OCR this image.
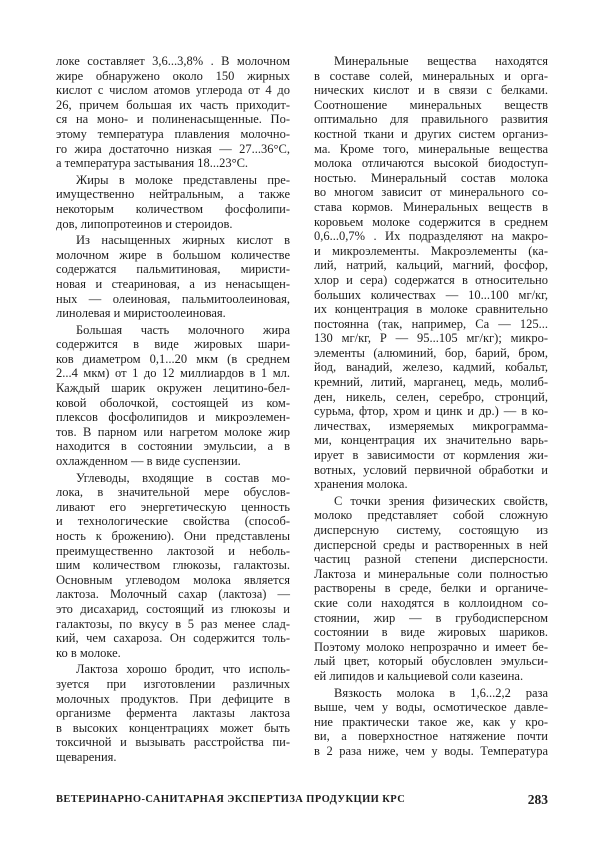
локе составляет 3,6...3,8% . В молочном
жире обнаружено около 150 жирных
кислот с числом атомов углерода от 4 до
26, причем большая их часть приходит-
ся на моно- и полиненасыщенные. По-
этому температура плавления молочно-
го жира достаточно низкая — 27...36°С,
а температура застывания 18...23°С.
Жиры в молоке представлены пре-
имущественно нейтральным, а также
некоторым количеством фосфолипи-
дов, липопротеинов и стероидов.
Из насыщенных жирных кислот в
молочном жире в большом количестве
содержатся пальмитиновая, миристи-
новая и стеариновая, а из ненасыщен-
ных — олеиновая, пальмитоолеиновая,
линолевая и миристоолеиновая.
Большая часть молочного жира
содержится в виде жировых шари-
ков диаметром 0,1...20 мкм (в среднем
2...4 мкм) от 1 до 12 миллиардов в 1 мл.
Каждый шарик окружен лецитино-бел-
ковой оболочкой, состоящей из ком-
плексов фосфолипидов и микроэлемен-
тов. В парном или нагретом молоке жир
находится в состоянии эмульсии, а в
охлажденном — в виде суспензии.
Углеводы, входящие в состав мо-
лока, в значительной мере обуслов-
ливают его энергетическую ценность
и технологические свойства (способ-
ность к брожению). Они представлены
преимущественно лактозой и неболь-
шим количеством глюкозы, галактозы.
Основным углеводом молока является
лактоза. Молочный сахар (лактоза) —
это дисахарид, состоящий из глюкозы и
галактозы, по вкусу в 5 раз менее слад-
кий, чем сахароза. Он содержится толь-
ко в молоке.
Лактоза хорошо бродит, что исполь-
зуется при изготовлении различных
молочных продуктов. При дефиците в
организме фермента лактазы лактоза
в высоких концентрациях может быть
токсичной и вызывать расстройства пи-
щеварения.
Минеральные вещества находятся
в составе солей, минеральных и орга-
нических кислот и в связи с белками.
Соотношение минеральных веществ
оптимально для правильного развития
костной ткани и других систем организ-
ма. Кроме того, минеральные вещества
молока отличаются высокой биодоступ-
ностью. Минеральный состав молока
во многом зависит от минерального со-
става кормов. Минеральных веществ в
коровьем молоке содержится в среднем
0,6...0,7% . Их подразделяют на макро-
и микроэлементы. Макроэлементы (ка-
лий, натрий, кальций, магний, фосфор,
хлор и сера) содержатся в относительно
больших количествах — 10...100 мг/кг,
их концентрация в молоке сравнительно
постоянна (так, например, Са — 125...
130 мг/кг, Р — 95...105 мг/кг); микро-
элементы (алюминий, бор, барий, бром,
йод, ванадий, железо, кадмий, кобальт,
кремний, литий, марганец, медь, молиб-
ден, никель, селен, серебро, стронций,
сурьма, фтор, хром и цинк и др.) — в ко-
личествах, измеряемых микрограмма-
ми, концентрация их значительно варь-
ирует в зависимости от кормления жи-
вотных, условий первичной обработки и
хранения молока.
С точки зрения физических свойств,
молоко представляет собой сложную
дисперсную систему, состоящую из
дисперсной среды и растворенных в ней
частиц разной степени дисперсности.
Лактоза и минеральные соли полностью
растворены в среде, белки и органиче-
ские соли находятся в коллоидном со-
стоянии, жир — в грубодисперсном
состоянии в виде жировых шариков.
Поэтому молоко непрозрачно и имеет бе-
лый цвет, который обусловлен эмульси-
ей липидов и кальциевой соли казеина.
Вязкость молока в 1,6...2,2 раза
выше, чем у воды, осмотическое давле-
ние практически такое же, как у кро-
ви, а поверхностное натяжение почти
в 2 раза ниже, чем у воды. Температура
ВЕТЕРИНАРНО-САНИТАРНАЯ ЭКСПЕРТИЗА ПРОДУКЦИИ КРС	283
